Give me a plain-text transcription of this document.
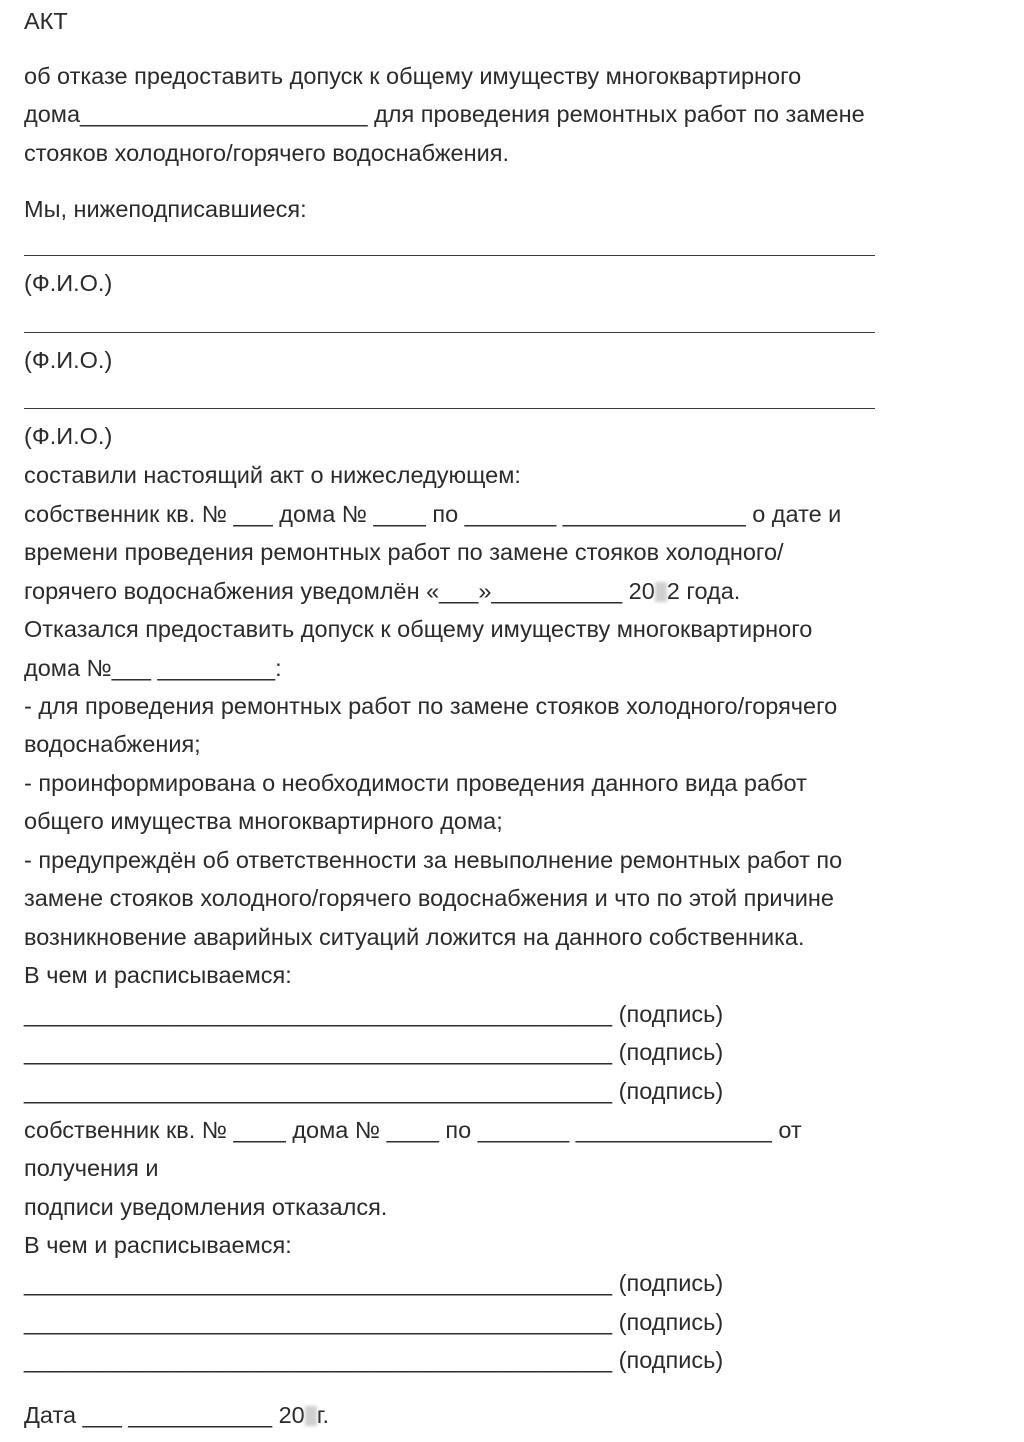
АКТ
об отказе предоставить допуск к общему имуществу многоквартирного
дома______________________ для проведения ремонтных работ по замене
стояков холодного/горячего водоснабжения.
Мы, нижеподписавшиеся:
(Ф.И.О.)
(Ф.И.О.)
(Ф.И.О.)
составили настоящий акт о нижеследующем:
собственник кв. № ___ дома № ____ по _______ ______________ о дате и
времени проведения ремонтных работ по замене стояков холодного/
горячего водоснабжения уведомлён «___»__________ 20 2 года.
Отказался предоставить допуск к общему имуществу многоквартирного
дома №___ _________:
- для проведения ремонтных работ по замене стояков холодного/горячего
водоснабжения;
- проинформирована о необходимости проведения данного вида работ
общего имущества многоквартирного дома;
- предупреждён об ответственности за невыполнение ремонтных работ по
замене стояков холодного/горячего водоснабжения и что по этой причине
возникновение аварийных ситуаций ложится на данного собственника.
В чем и расписываемся:
_____________________________________________ (подпись)
_____________________________________________ (подпись)
_____________________________________________ (подпись)
собственник кв. № ____ дома № ____ по _______ _______________ от
получения и
подписи уведомления отказался.
В чем и расписываемся:
_____________________________________________ (подпись)
_____________________________________________ (подпись)
_____________________________________________ (подпись)
Дата ___ ___________ 20 г.
